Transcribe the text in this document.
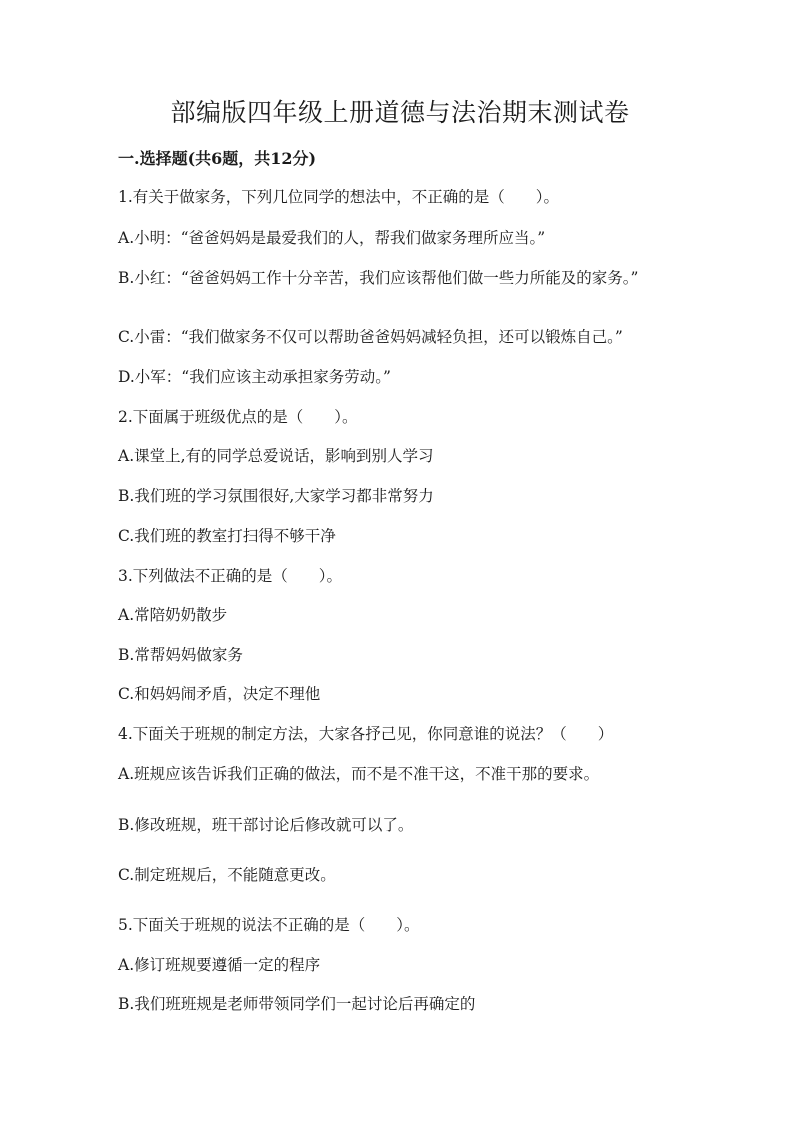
部编版四年级上册道德与法治期末测试卷
一.选择题(共6题，共12分)
1.有关于做家务，下列几位同学的想法中，不正确的是（　　）。
A.小明：“爸爸妈妈是最爱我们的人，帮我们做家务理所应当。”
B.小红：“爸爸妈妈工作十分辛苦，我们应该帮他们做一些力所能及的家务。”
C.小雷：“我们做家务不仅可以帮助爸爸妈妈减轻负担，还可以锻炼自己。”
D.小军：“我们应该主动承担家务劳动。”
2.下面属于班级优点的是（　　）。
A.课堂上,有的同学总爱说话，影响到别人学习
B.我们班的学习氛围很好,大家学习都非常努力
C.我们班的教室打扫得不够干净
3.下列做法不正确的是（　　）。
A.常陪奶奶散步
B.常帮妈妈做家务
C.和妈妈闹矛盾，决定不理他
4.下面关于班规的制定方法，大家各抒己见，你同意谁的说法？（　　）
A.班规应该告诉我们正确的做法，而不是不准干这，不准干那的要求。
B.修改班规，班干部讨论后修改就可以了。
C.制定班规后，不能随意更改。
5.下面关于班规的说法不正确的是（　　）。
A.修订班规要遵循一定的程序
B.我们班班规是老师带领同学们一起讨论后再确定的
